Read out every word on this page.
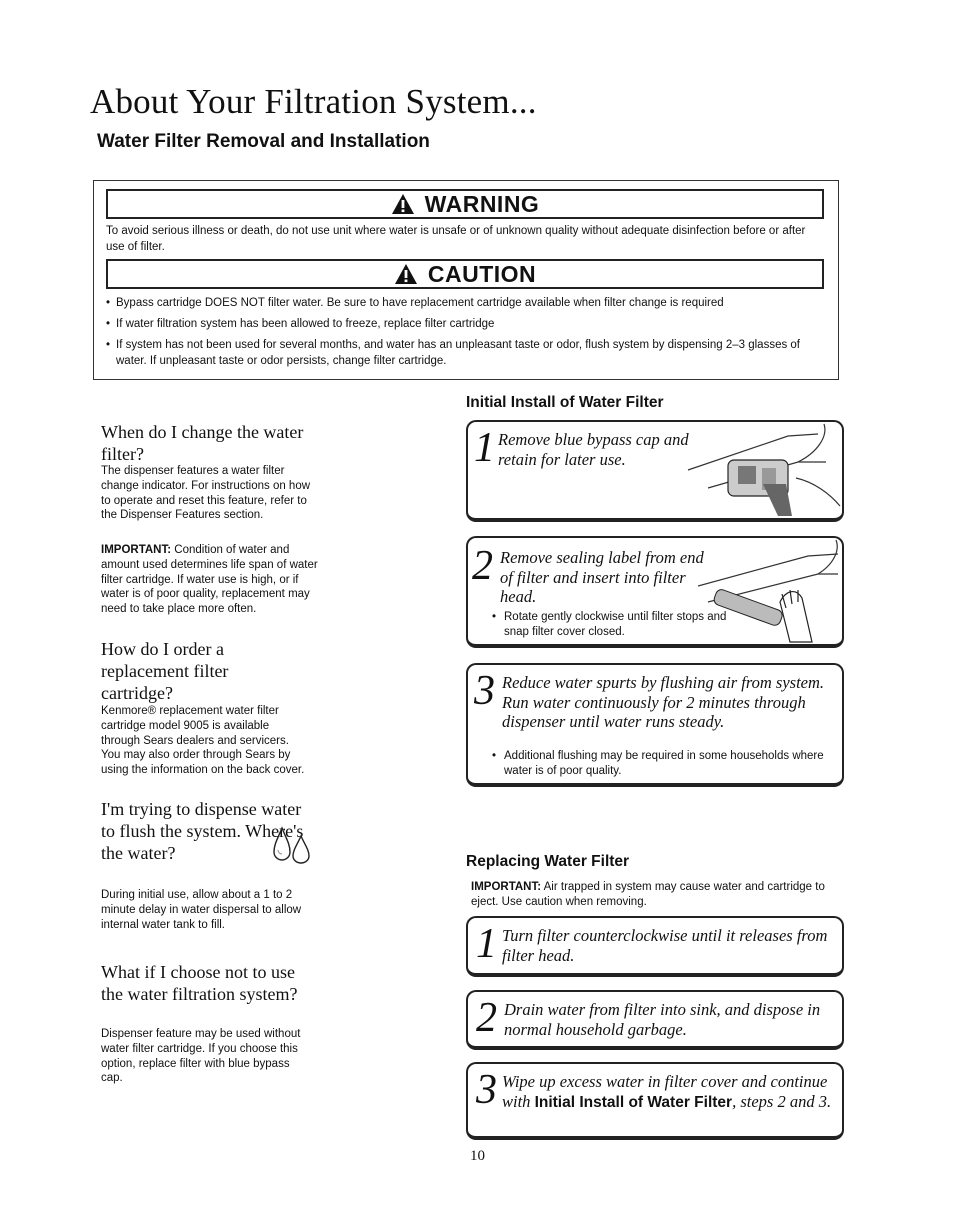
About Your Filtration System...
Water Filter Removal and Installation
WARNING
To avoid serious illness or death, do not use unit where water is unsafe or of unknown quality without adequate disinfection before or after use of filter.
CAUTION
• Bypass cartridge DOES NOT filter water. Be sure to have replacement cartridge available when filter change is required
• If water filtration system has been allowed to freeze, replace filter cartridge
• If system has not been used for several months, and water has an unpleasant taste or odor, flush system by dispensing 2–3 glasses of water. If unpleasant taste or odor persists, change filter cartridge.
When do I change the water filter?
The dispenser features a water filter change indicator. For instructions on how to operate and reset this feature, refer to the Dispenser Features section.
IMPORTANT: Condition of water and amount used determines life span of water filter cartridge. If water use is high, or if water is of poor quality, replacement may need to take place more often.
How do I order a replacement filter cartridge?
Kenmore® replacement water filter cartridge model 9005 is available through Sears dealers and servicers. You may also order through Sears by using the information on the back cover.
I'm trying to dispense water to flush the system. Where's the water?
During initial use, allow about a 1 to 2 minute delay in water dispersal to allow internal water tank to fill.
What if I choose not to use the water filtration system?
Dispenser feature may be used without water filter cartridge. If you choose this option, replace filter with blue bypass cap.
Initial Install of Water Filter
1 Remove blue bypass cap and retain for later use.
2 Remove sealing label from end of filter and insert into filter head.
• Rotate gently clockwise until filter stops and snap filter cover closed.
3 Reduce water spurts by flushing air from system. Run water continuously for 2 minutes through dispenser until water runs steady.
• Additional flushing may be required in some households where water is of poor quality.
Replacing Water Filter
IMPORTANT: Air trapped in system may cause water and cartridge to eject. Use caution when removing.
1 Turn filter counterclockwise until it releases from filter head.
2 Drain water from filter into sink, and dispose in normal household garbage.
3 Wipe up excess water in filter cover and continue with Initial Install of Water Filter, steps 2 and 3.
10
